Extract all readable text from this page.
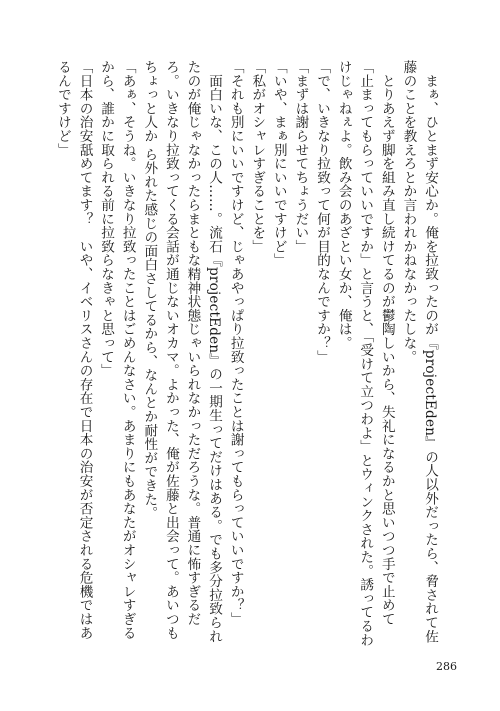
　まぁ、ひとまず安心か。俺を拉致ったのが『projectEden』の人以外だったら、脅されて佐藤のことを教えろとか言われかねなかったしな。
　とりあえず脚を組み直し続けてるのが鬱陶しいから、失礼になるかと思いつつ手で止めて「止まってもらっていいですか」と言うと、「受けて立つわよ」とウィンクされた。誘ってるわけじゃねぇよ。飲み会のあざとい女か、俺は。
「で、いきなり拉致って何が目的なんですか？」
「まずは謝らせてちょうだい」
「いや、まぁ別にいいですけど」
「私がオシャレすぎることを」
「それも別にいいですけど、じゃあやっぱり拉致ったことは謝ってもらっていいですか？」
　面白いな、この人……。流石『projectEden』の一期生ってだけはある。でも多分拉致られたのが俺じゃなかったらまともな精神状態じゃいられなかっただろうな。普通に怖すぎるだろ。いきなり拉致ってくる会話が通じないオカマ。よかった、俺が佐藤と出会って。あいつもちょっと人か ら外れた感じの面白さしてるから、なんとか耐性ができた。
「あぁ、そうね。いきなり拉致ったことはごめんなさい。あまりにもあなたがオシャレすぎるから、誰かに取られる前に拉致らなきゃと思って」
「日本の治安舐めてます？　いや、イベリスさんの存在で日本の治安が否定される危機ではあるんですけど」
286
